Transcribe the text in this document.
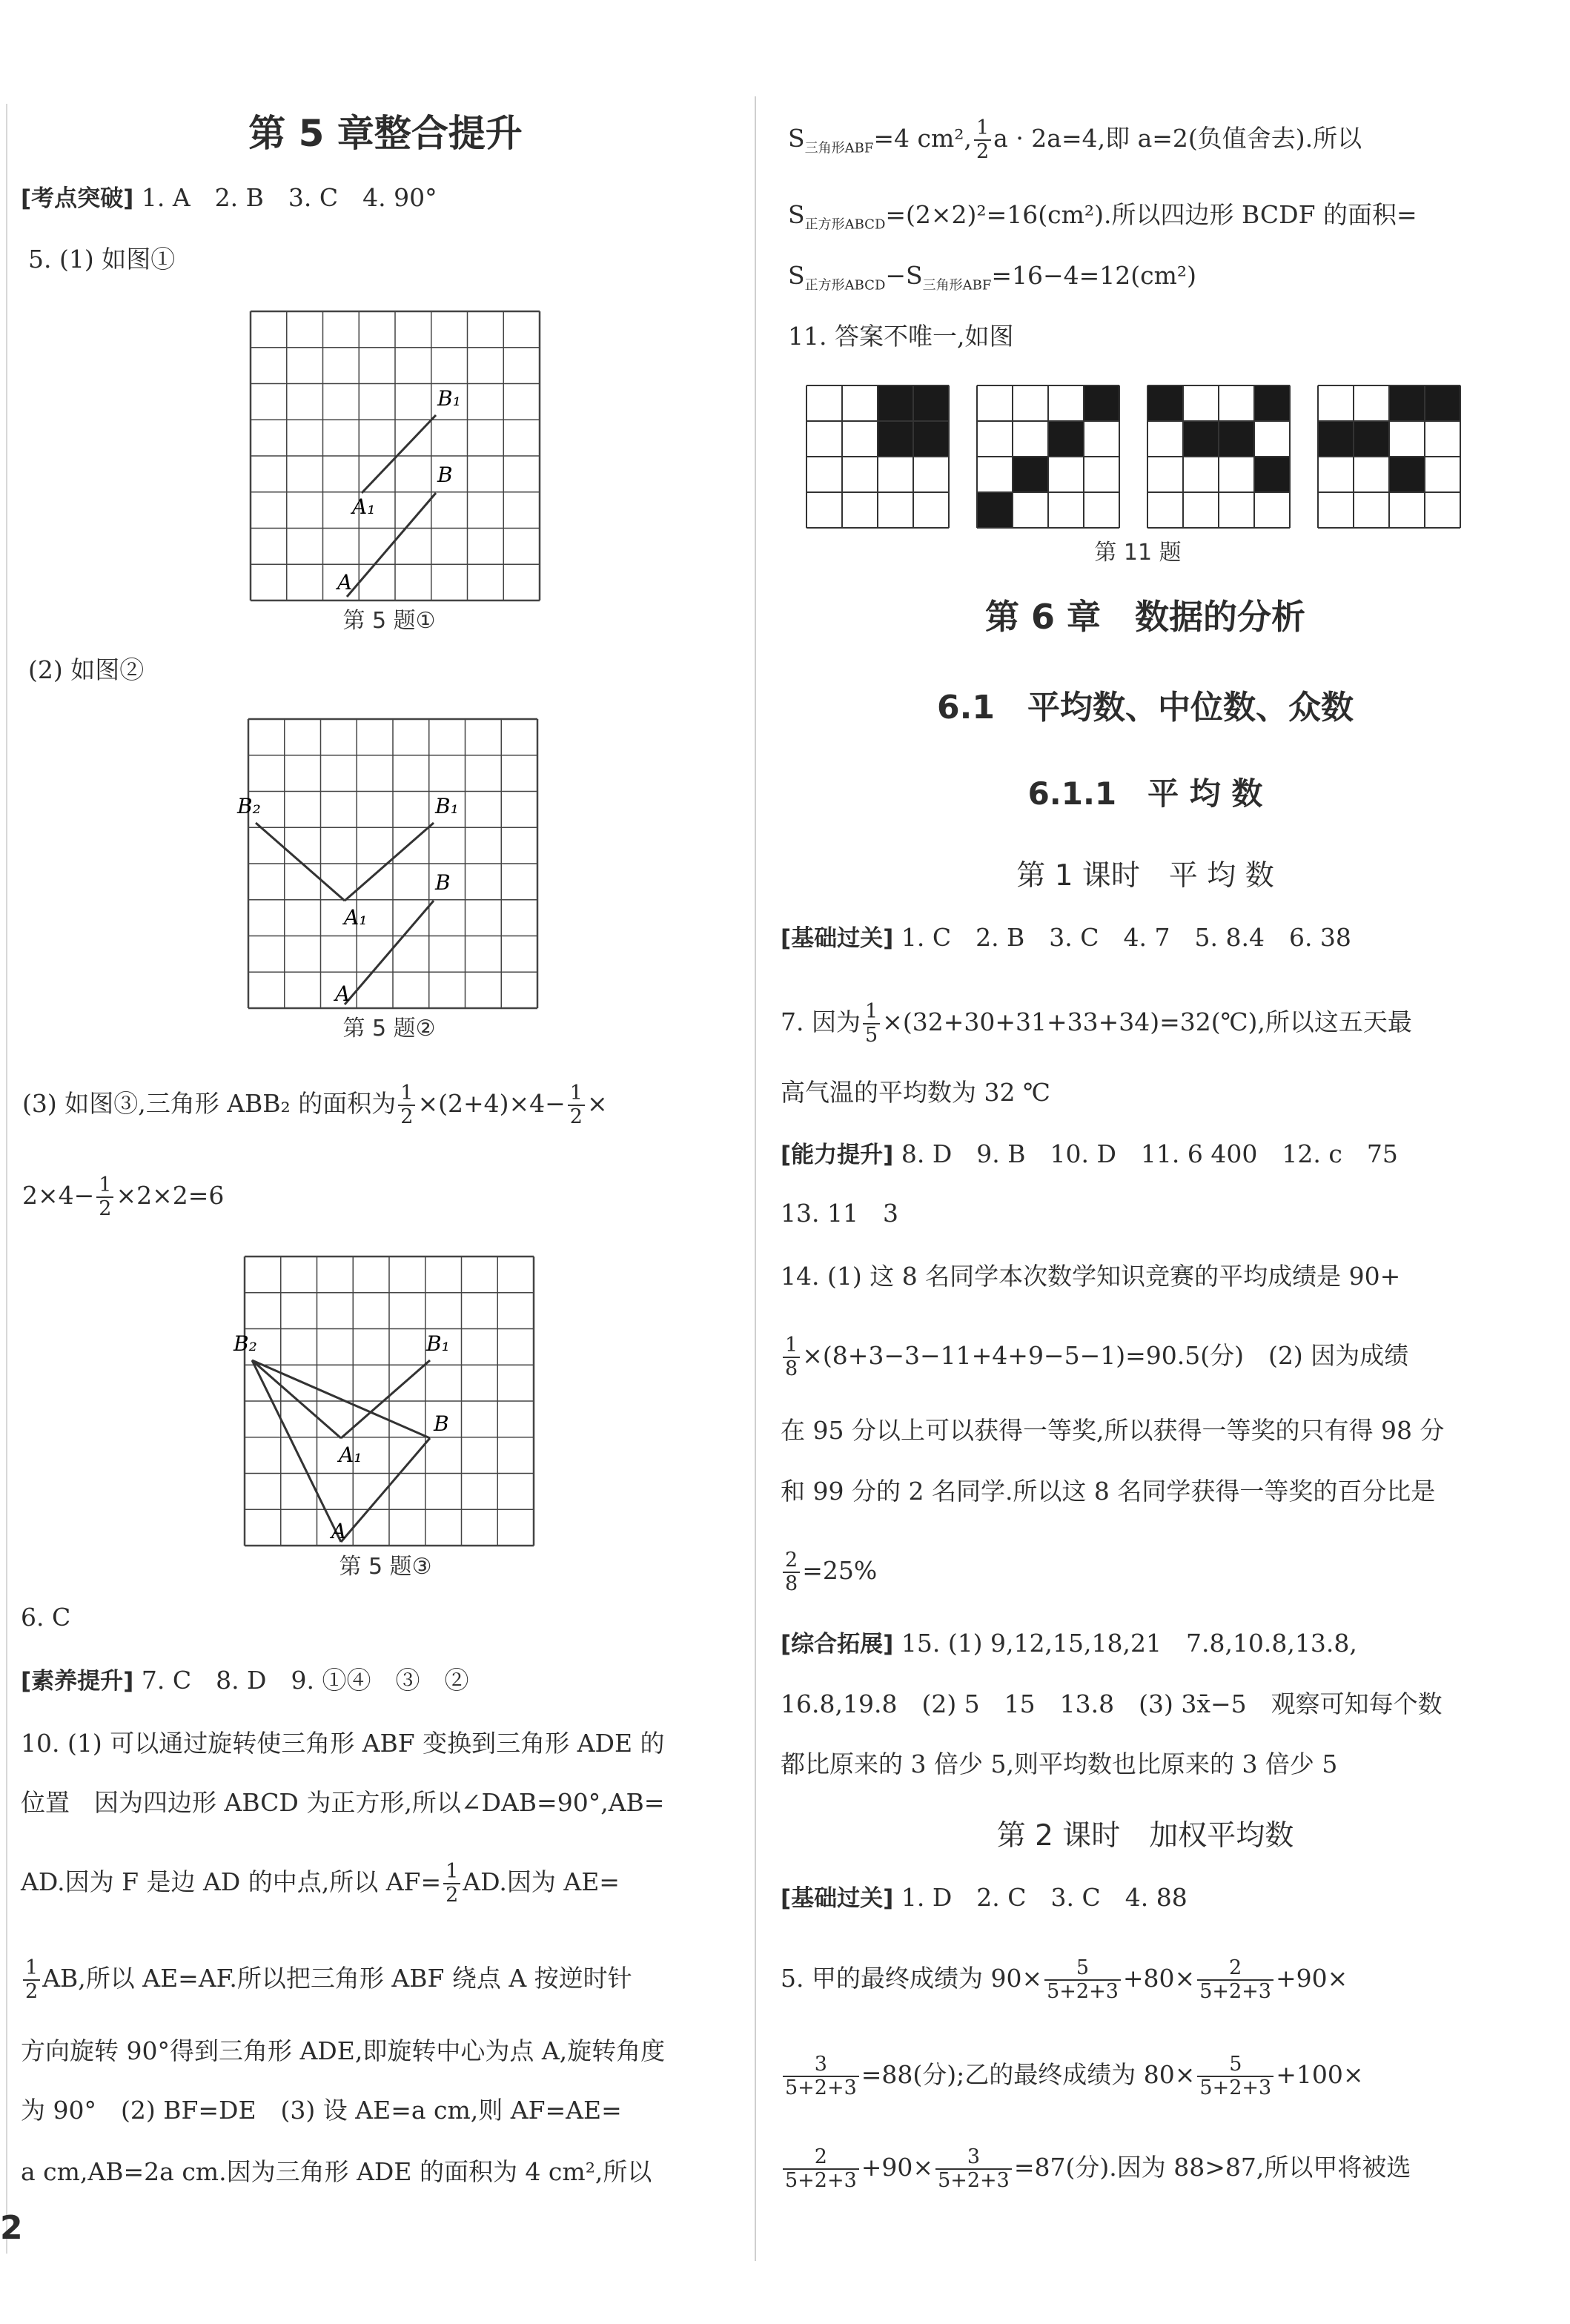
第 5 章整合提升
[考点突破] 1. A　2. B　3. C　4. 90°
5. (1) 如图①
A
B
A₁
B₁
第 5 题①
(2) 如图②
A
B
A₁
B₁
B₂
第 5 题②
(3) 如图③,三角形 ABB₂ 的面积为 $\frac{1}{2} \times(2+4)\times 4- \frac{1}{2}$ ×
$2\times 4- \frac{1}{2} \times 2\times 2=6$
A
B
A₁
B₁
B₂
第 5 题③
6. C
[素养提升] 7. C　8. D　9. ①④　③　②
10. (1) 可以通过旋转使三角形 ABF 变换到三角形 ADE 的
位置　因为四边形 ABCD 为正方形,所以∠DAB=90°,AB=
AD.因为 F 是边 AD 的中点,所以 $AF= \frac{1}{2}$ AD.因为 AE=
$\frac{1}{2}$ AB,所以 AE=AF.所以把三角形 ABF 绕点 A 按逆时针
方向旋转 90°得到三角形 ADE,即旋转中心为点 A,旋转角度
为 90°　(2) BF=DE　(3) 设 AE=a cm,则 AF=AE=
a cm,AB=2a cm.因为三角形 ADE 的面积为 4 cm²,所以
2
$S_{三角形ABF}=4$ cm², $\frac{1}{2}$ a · 2a=4,即 a=2(负值舍去).所以
$S_{正方形ABCD}=(2\times 2)^2=16(cm^2)$.所以四边形 BCDF 的面积=
$S_{正方形ABCD}-S_{三角形ABF}=16-4=12(cm^2)$
11. 答案不唯一,如图
第 11 题
第 6 章　数据的分析
6.1　平均数、中位数、众数
6.1.1　平 均 数
第 1 课时　平 均 数
[基础过关] 1. C　2. B　3. C　4. 7　5. 8.4　6. 38
7. 因为 $\frac{1}{5}$ ×(32+30+31+33+34)=32(℃),所以这五天最
高气温的平均数为 32 ℃
[能力提升] 8. D　9. B　10. D　11. 6 400　12. c　75
13. 11　3
14. (1) 这 8 名同学本次数学知识竞赛的平均成绩是 90+
$\frac{1}{8} \times(8+3-3-11+4+9-5-1)=90.5$(分)　(2) 因为成绩
在 95 分以上可以获得一等奖,所以获得一等奖的只有得 98 分
和 99 分的 2 名同学.所以这 8 名同学获得一等奖的百分比是
$\frac{2}{8} =25\%$
[综合拓展] 15. (1) 9,12,15,18,21　7.8,10.8,13.8,
16.8,19.8　(2) 5　15　13.8　(3) 3x̄−5　观察可知每个数
都比原来的 3 倍少 5,则平均数也比原来的 3 倍少 5
第 2 课时　加权平均数
[基础过关] 1. D　2. C　3. C　4. 88
5. 甲的最终成绩为 $90\times \frac{5}{5+2+3} +80\times \frac{2}{5+2+3} +90\times$
$\frac{3}{5+2+3} =88$(分);乙的最终成绩为 $80\times \frac{5}{5+2+3} +100\times$
$\frac{2}{5+2+3} +90\times \frac{3}{5+2+3} =87$(分).因为 88>87,所以甲将被选
